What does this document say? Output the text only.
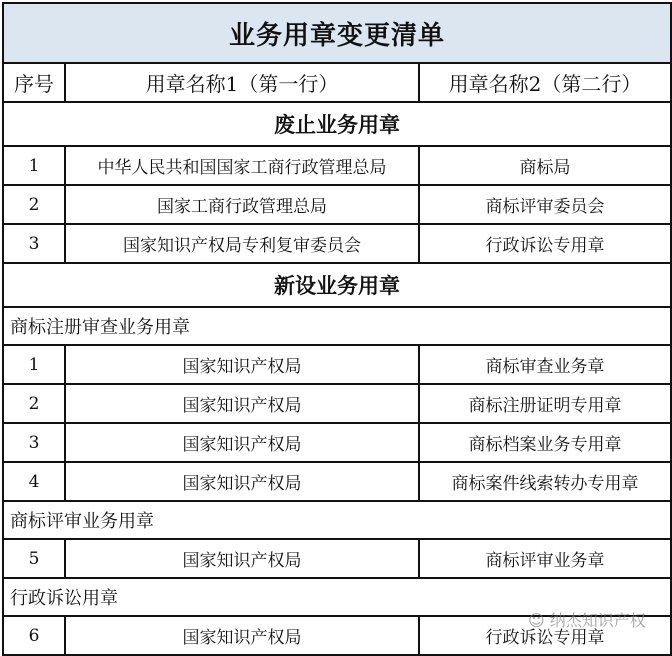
业务用章变更清单		
序号	用章名称1（第一行）	用章名称2（第二行）
废止业务用章		
1	中华人民共和国国家工商行政管理总局	商标局
2	国家工商行政管理总局	商标评审委员会
3	国家知识产权局专利复审委员会	行政诉讼专用章
新设业务用章		
商标注册审查业务用章		
1	国家知识产权局	商标审查业务章
2	国家知识产权局	商标注册证明专用章
3	国家知识产权局	商标档案业务专用章
4	国家知识产权局	商标案件线索转办专用章
商标评审业务用章		
5	国家知识产权局	商标评审业务章
行政诉讼用章		
6	国家知识产权局	行政诉讼专用章
☺ 纳杰知识产权
